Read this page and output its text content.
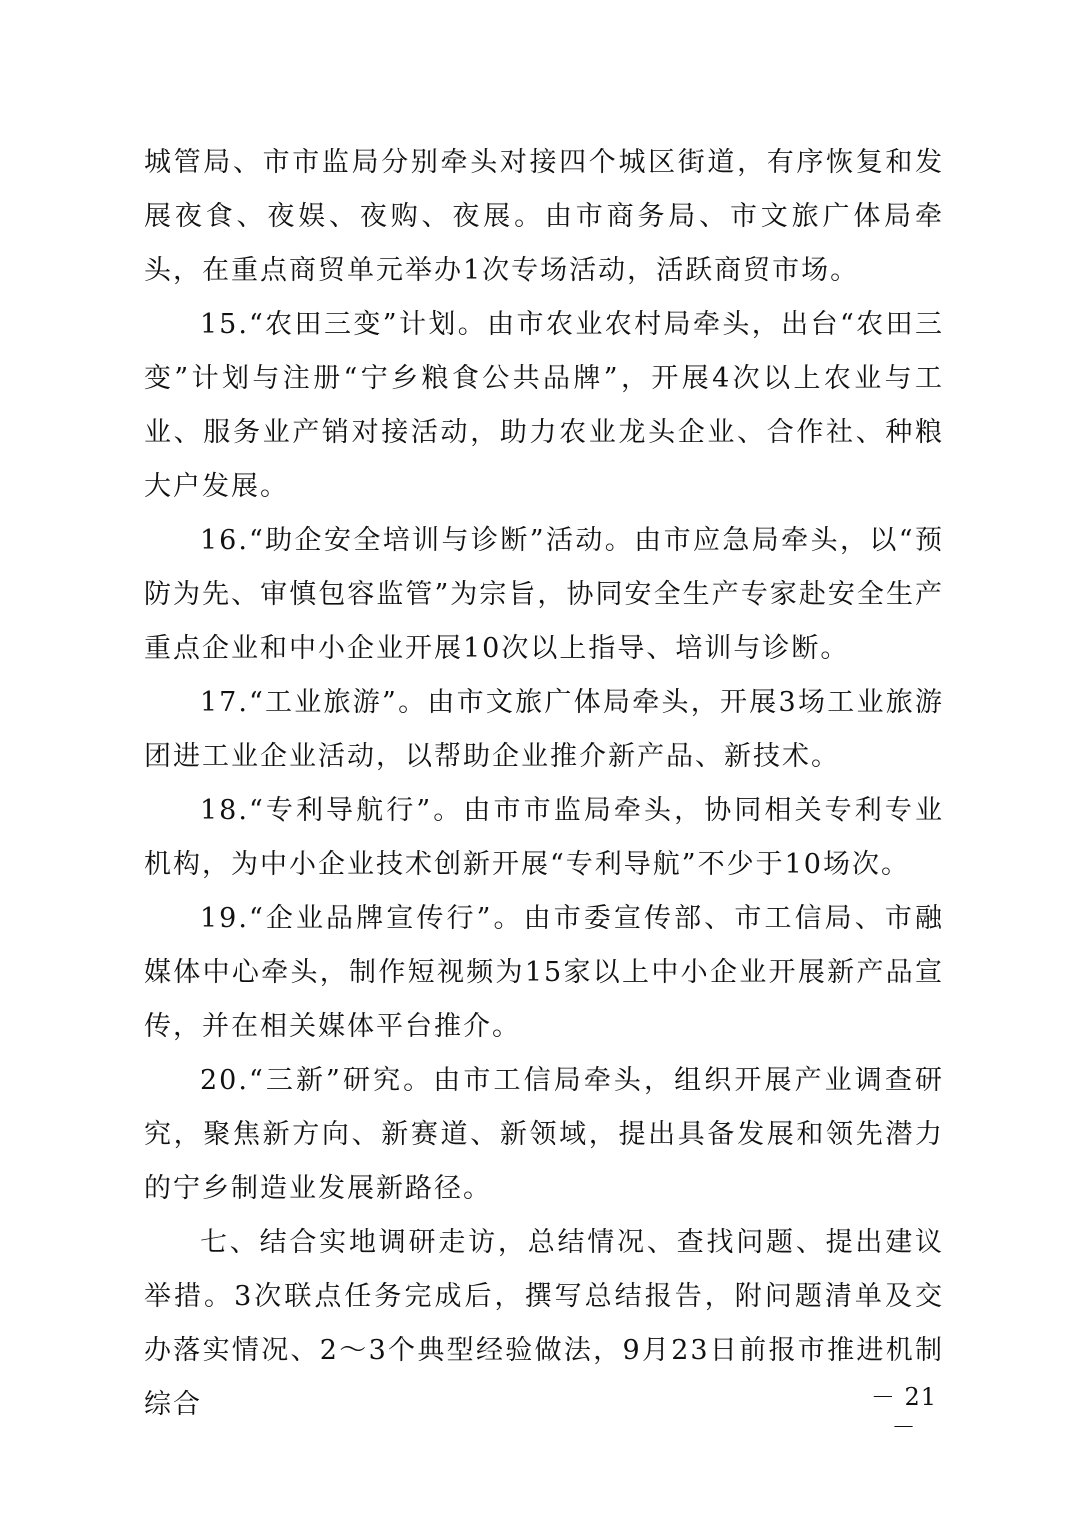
城管局、市市监局分别牵头对接四个城区街道，有序恢复和发展夜食、夜娱、夜购、夜展。由市商务局、市文旅广体局牵头，在重点商贸单元举办1次专场活动，活跃商贸市场。

15.“农田三变”计划。由市农业农村局牵头，出台“农田三变”计划与注册“宁乡粮食公共品牌”，开展4次以上农业与工业、服务业产销对接活动，助力农业龙头企业、合作社、种粮大户发展。

16.“助企安全培训与诊断”活动。由市应急局牵头，以“预防为先、审慎包容监管”为宗旨，协同安全生产专家赴安全生产重点企业和中小企业开展10次以上指导、培训与诊断。

17.“工业旅游”。由市文旅广体局牵头，开展3场工业旅游团进工业企业活动，以帮助企业推介新产品、新技术。

18.“专利导航行”。由市市监局牵头，协同相关专利专业机构，为中小企业技术创新开展“专利导航”不少于10场次。

19.“企业品牌宣传行”。由市委宣传部、市工信局、市融媒体中心牵头，制作短视频为15家以上中小企业开展新产品宣传，并在相关媒体平台推介。

20.“三新”研究。由市工信局牵头，组织开展产业调查研究，聚焦新方向、新赛道、新领域，提出具备发展和领先潜力的宁乡制造业发展新路径。

七、结合实地调研走访，总结情况、查找问题、提出建议举措。3次联点任务完成后，撰写总结报告，附问题清单及交办落实情况、2～3个典型经验做法，9月23日前报市推进机制综合	－ 21 －
